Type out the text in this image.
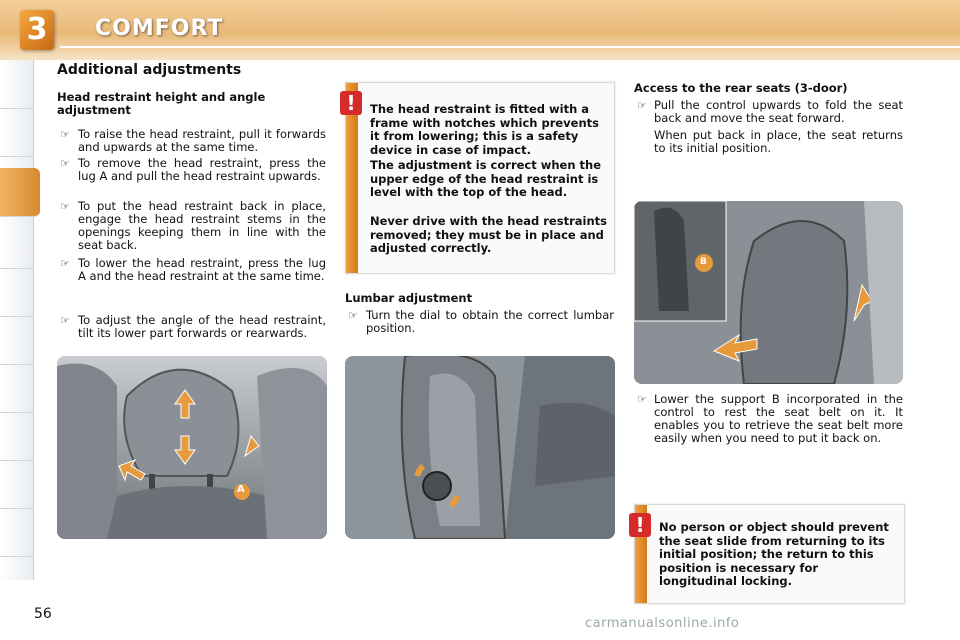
3 COMFORT
Additional adjustments
Head restraint height and angle adjustment
☞ To raise the head restraint, pull it forwards and upwards at the same time.
☞ To remove the head restraint, press the lug A and pull the head restraint upwards.
☞ To put the head restraint back in place, engage the head restraint stems in the openings keeping them in line with the seat back.
☞ To lower the head restraint, press the lug A and the head restraint at the same time.
☞ To adjust the angle of the head restraint, tilt its lower part forwards or rearwards.
A
!	The head restraint is fitted with a frame with notches which prevents it from lowering; this is a safety device in case of impact.
The adjustment is correct when the upper edge of the head restraint is level with the top of the head.
Never drive with the head restraints removed; they must be in place and adjusted correctly.
Lumbar adjustment
☞ Turn the dial to obtain the correct lumbar position.
Access to the rear seats (3-door)
☞ Pull the control upwards to fold the seat back and move the seat forward.
When put back in place, the seat returns to its initial position.
B
☞ Lower the support B incorporated in the control to rest the seat belt on it. It enables you to retrieve the seat belt more easily when you need to put it back on.
!	No person or object should prevent the seat slide from returning to its initial position; the return to this position is necessary for longitudinal locking.
56
carmanualsonline.info
